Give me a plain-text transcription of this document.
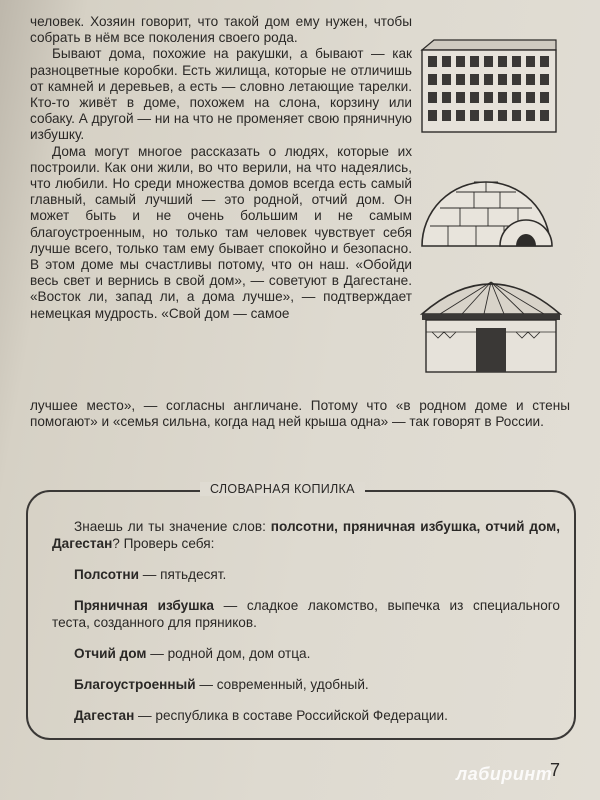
человек. Хозяин говорит, что такой дом ему нужен, чтобы собрать в нём все поколения своего рода.

Бывают дома, похожие на ракушки, а бывают — как разноцветные коробки. Есть жилища, которые не отличишь от камней и деревьев, а есть — словно летающие тарелки. Кто-то живёт в доме, похожем на слона, корзину или собаку. А другой — ни на что не променяет свою пряничную избушку.

Дома могут многое рассказать о людях, которые их построили. Как они жили, во что верили, на что надеялись, что любили. Но среди множества домов всегда есть самый главный, самый лучший — это родной, отчий дом. Он может быть и не очень большим и не самым благоустроенным, но только там человек чувствует себя лучше всего, только там ему бывает спокойно и безопасно. В этом доме мы счастливы потому, что он наш. «Обойди весь свет и вернись в свой дом», — советуют в Дагестане. «Восток ли, запад ли, а дома лучше», — подтверждает немецкая мудрость. «Свой дом — самое

лучшее место», — согласны англичане. Потому что «в родном доме и стены помогают» и «семья сильна, когда над ней крыша одна» — так говорят в России.

СЛОВАРНАЯ КОПИЛКА

Знаешь ли ты значение слов: полсотни, пряничная избушка, отчий дом, Дагестан? Проверь себя:

Полсотни — пятьдесят.

Пряничная избушка — сладкое лакомство, выпечка из специального теста, созданного для пряников.

Отчий дом — родной дом, дом отца.

Благоустроенный — современный, удобный.

Дагестан — республика в составе Российской Федерации.

лабиринт
7
